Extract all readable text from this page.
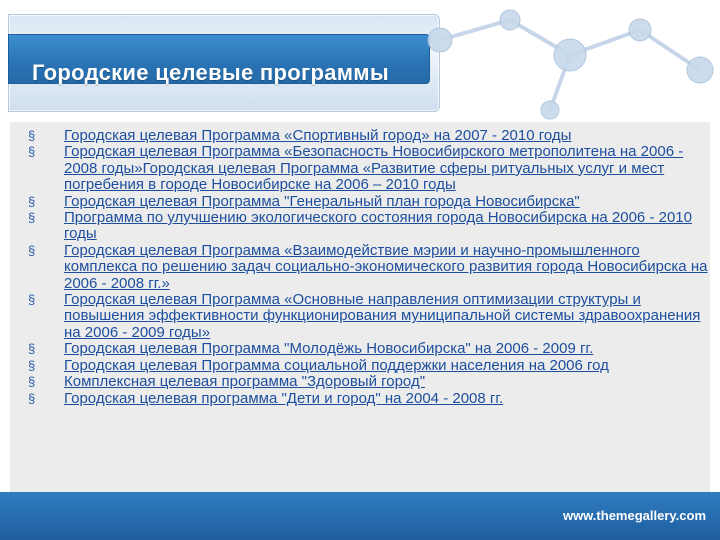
Городские целевые программы
§ Городская целевая Программа «Спортивный город» на 2007 - 2010 годы
§ Городская целевая Программа «Безопасность Новосибирского метрополитена на 2006 - 2008 годы»Городская целевая Программа «Развитие сферы ритуальных услуг и мест погребения в городе Новосибирске на 2006 – 2010 годы
§ Городская целевая Программа "Генеральный план города Новосибирска"
§ Программа по улучшению экологического состояния города Новосибирска на 2006 - 2010 годы
§ Городская целевая Программа «Взаимодействие мэрии и научно-промышленного комплекса по решению задач социально-экономического развития города Новосибирска на 2006 - 2008 гг.»
§ Городская целевая Программа «Основные направления оптимизации структуры и повышения эффективности функционирования муниципальной системы здравоохранения на 2006 - 2009 годы»
§ Городская целевая Программа "Молодёжь Новосибирска" на 2006 - 2009 гг.
§ Городская целевая Программа социальной поддержки населения на 2006 год
§ Комплексная целевая программа "Здоровый город"
§ Городская целевая программа "Дети и город" на 2004 - 2008 гг.
www.themegallery.com
